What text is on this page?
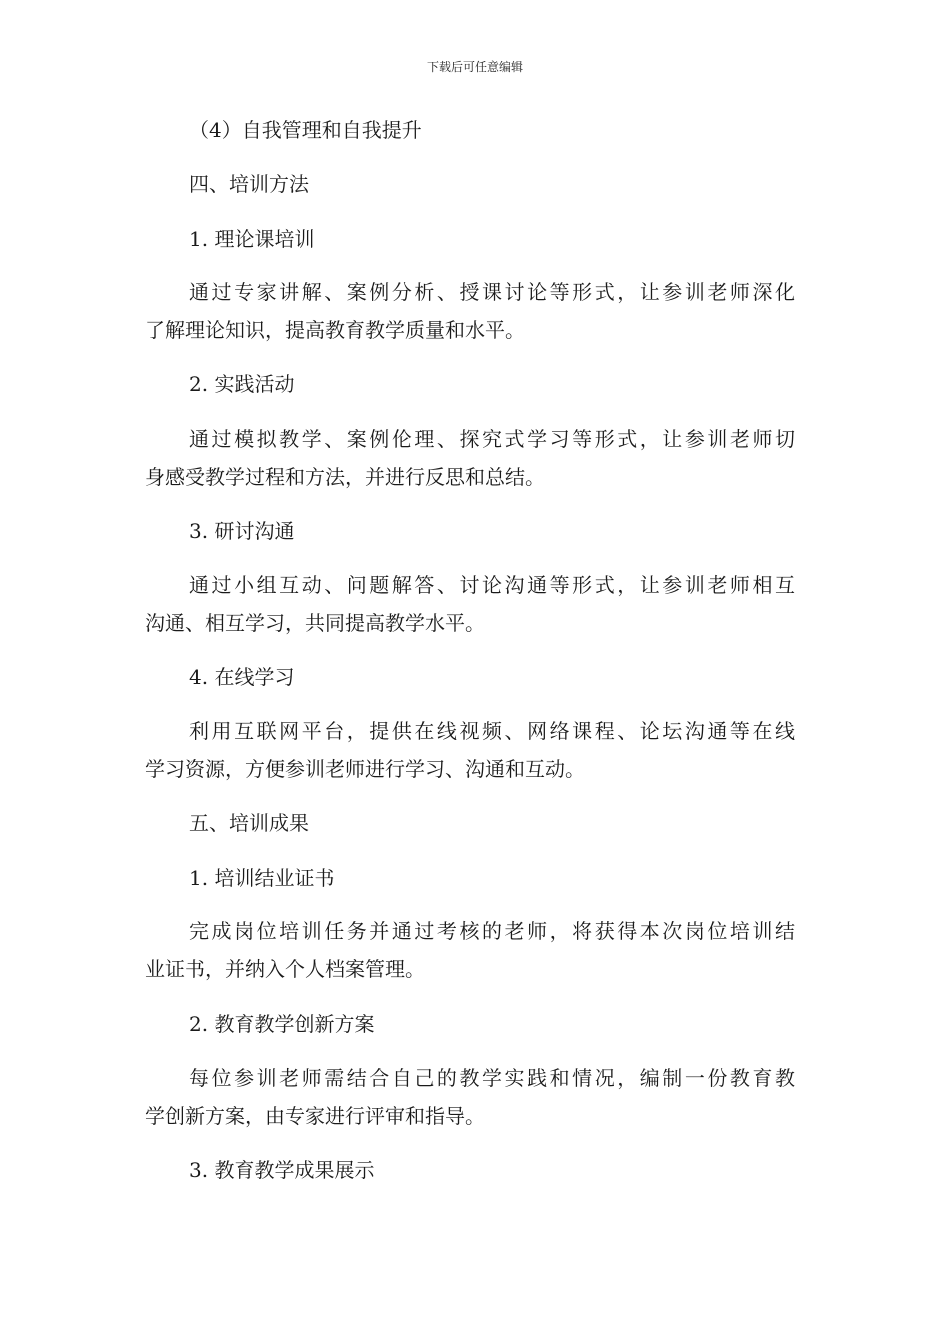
下载后可任意编辑
（4）自我管理和自我提升
四、培训方法
1. 理论课培训
通过专家讲解、案例分析、授课讨论等形式，让参训老师深化
了解理论知识，提高教育教学质量和水平。
2. 实践活动
通过模拟教学、案例伦理、探究式学习等形式，让参训老师切
身感受教学过程和方法，并进行反思和总结。
3. 研讨沟通
通过小组互动、问题解答、讨论沟通等形式，让参训老师相互
沟通、相互学习，共同提高教学水平。
4. 在线学习
利用互联网平台，提供在线视频、网络课程、论坛沟通等在线
学习资源，方便参训老师进行学习、沟通和互动。
五、培训成果
1. 培训结业证书
完成岗位培训任务并通过考核的老师，将获得本次岗位培训结
业证书，并纳入个人档案管理。
2. 教育教学创新方案
每位参训老师需结合自己的教学实践和情况，编制一份教育教
学创新方案，由专家进行评审和指导。
3. 教育教学成果展示
